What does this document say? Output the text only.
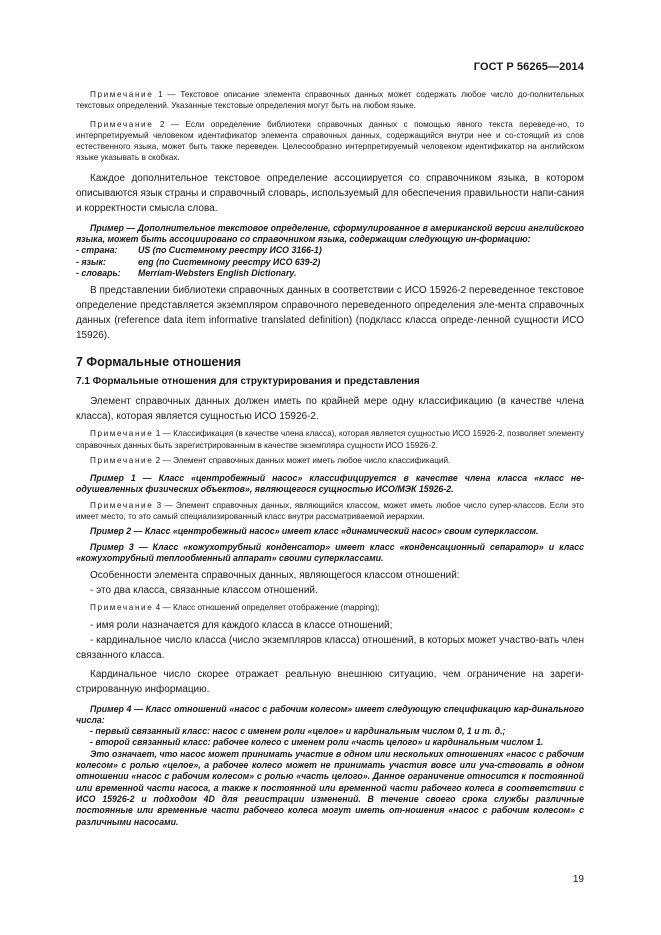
ГОСТ Р 56265—2014

Примечание 1 — Текстовое описание элемента справочных данных может содержать любое число до-полнительных текстовых определений. Указанные текстовые определения могут быть на любом языке.

Примечание 2 — Если определение библиотеки справочных данных с помощью явного текста переведе-но, то интерпретируемый человеком идентификатор элемента справочных данных, содержащийся внутри нее и со-стоящий из слов естественного языка, может быть также переведен. Целесообразно интерпретируемый человеком идентификатор на английском языке указывать в скобках.

Каждое дополнительное текстовое определение ассоциируется со справочником языка, в котором описываются язык страны и справочный словарь, используемый для обеспечения правильности напи-сания и корректности смысла слова.

Пример — Дополнительное текстовое определение, сформулированное в американской версии английского языка, может быть ассоциировано со справочником языка, содержащим следующую ин-формацию:

- страна: US (по Системному реестру ИСО 3166-1)
- язык:	eng (по Системному реестру ИСО 639-2)
- словарь: Merriam-Websters English Dictionary.

В представлении библиотеки справочных данных в соответствии с ИСО 15926-2 переведенное текстовое определение представляется экземпляром справочного переведенного определения эле-мента справочных данных (reference data item informative translated definition) (подкласс класса опреде-ленной сущности ИСО 15926).

7 Формальные отношения
7.1 Формальные отношения для структурирования и представления

Элемент справочных данных должен иметь по крайней мере одну классификацию (в качестве члена класса), которая является сущностью ИСО 15926-2.

Примечание 1 — Классификация (в качестве члена класса), которая является сущностью ИСО 15926-2, позволяет элементу справочных данных быть зарегистрированным в качестве экземпляра сущности ИСО 15926-2.

Примечание 2 — Элемент справочных данных может иметь любое число классификаций.

Пример 1 — Класс «центробежный насос» классифицируется в качестве члена класса «класс не-одушевленных физических объектов», являющегося сущностью ИСО/МЭК 15926-2.

Примечание 3 — Элемент справочных данных, являющийся классом, может иметь любое число супер-классов. Если это имеет место, то это самый специализированный класс внутри рассматриваемой иерархии.

Пример 2 — Класс «центробежный насос» имеет класс «динамический насос» своим суперклассом.

Пример 3 — Класс «кожухотрубный конденсатор» имеет класс «конденсационный сепаратор» и класс «кожухотрубный теплообменный аппарат» своими суперклассами.

Особенности элемента справочных данных, являющегося классом отношений:

- это два класса, связанные классом отношений.

Примечание 4 — Класс отношений определяет отображение (mapping);

- имя роли назначается для каждого класса в классе отношений;

- кардинальное число класса (число экземпляров класса) отношений, в которых может участво-вать член связанного класса.

Кардинальное число скорее отражает реальную внешнюю ситуацию, чем ограничение на зареги-стрированную информацию.

Пример 4 — Класс отношений «насос с рабочим колесом» имеет следующую спецификацию кар-динального числа:

- первый связанный класс: насос с именем роли «целое» и кардинальным числом 0, 1 и т. д.;

- второй связанный класс: рабочее колесо с именем роли «часть целого» и кардинальным числом 1.

Это означает, что насос может принимать участие в одном или нескольких отношениях «насос с рабочим колесом» с ролью «целое», а рабочее колесо может не принимать участия вовсе или уча-ствовать в одном отношении «насос с рабочим колесом» с ролью «часть целого». Данное ограничение относится к постоянной или временной части насоса, а также к постоянной или временной части рабочего колеса в соответствии с ИСО 15926-2 и подходом 4D для регистрации изменений. В течение своего срока службы различные постоянные или временные части рабочего колеса могут иметь от-ношения «насос с рабочим колесом» с различными насосами.

19
